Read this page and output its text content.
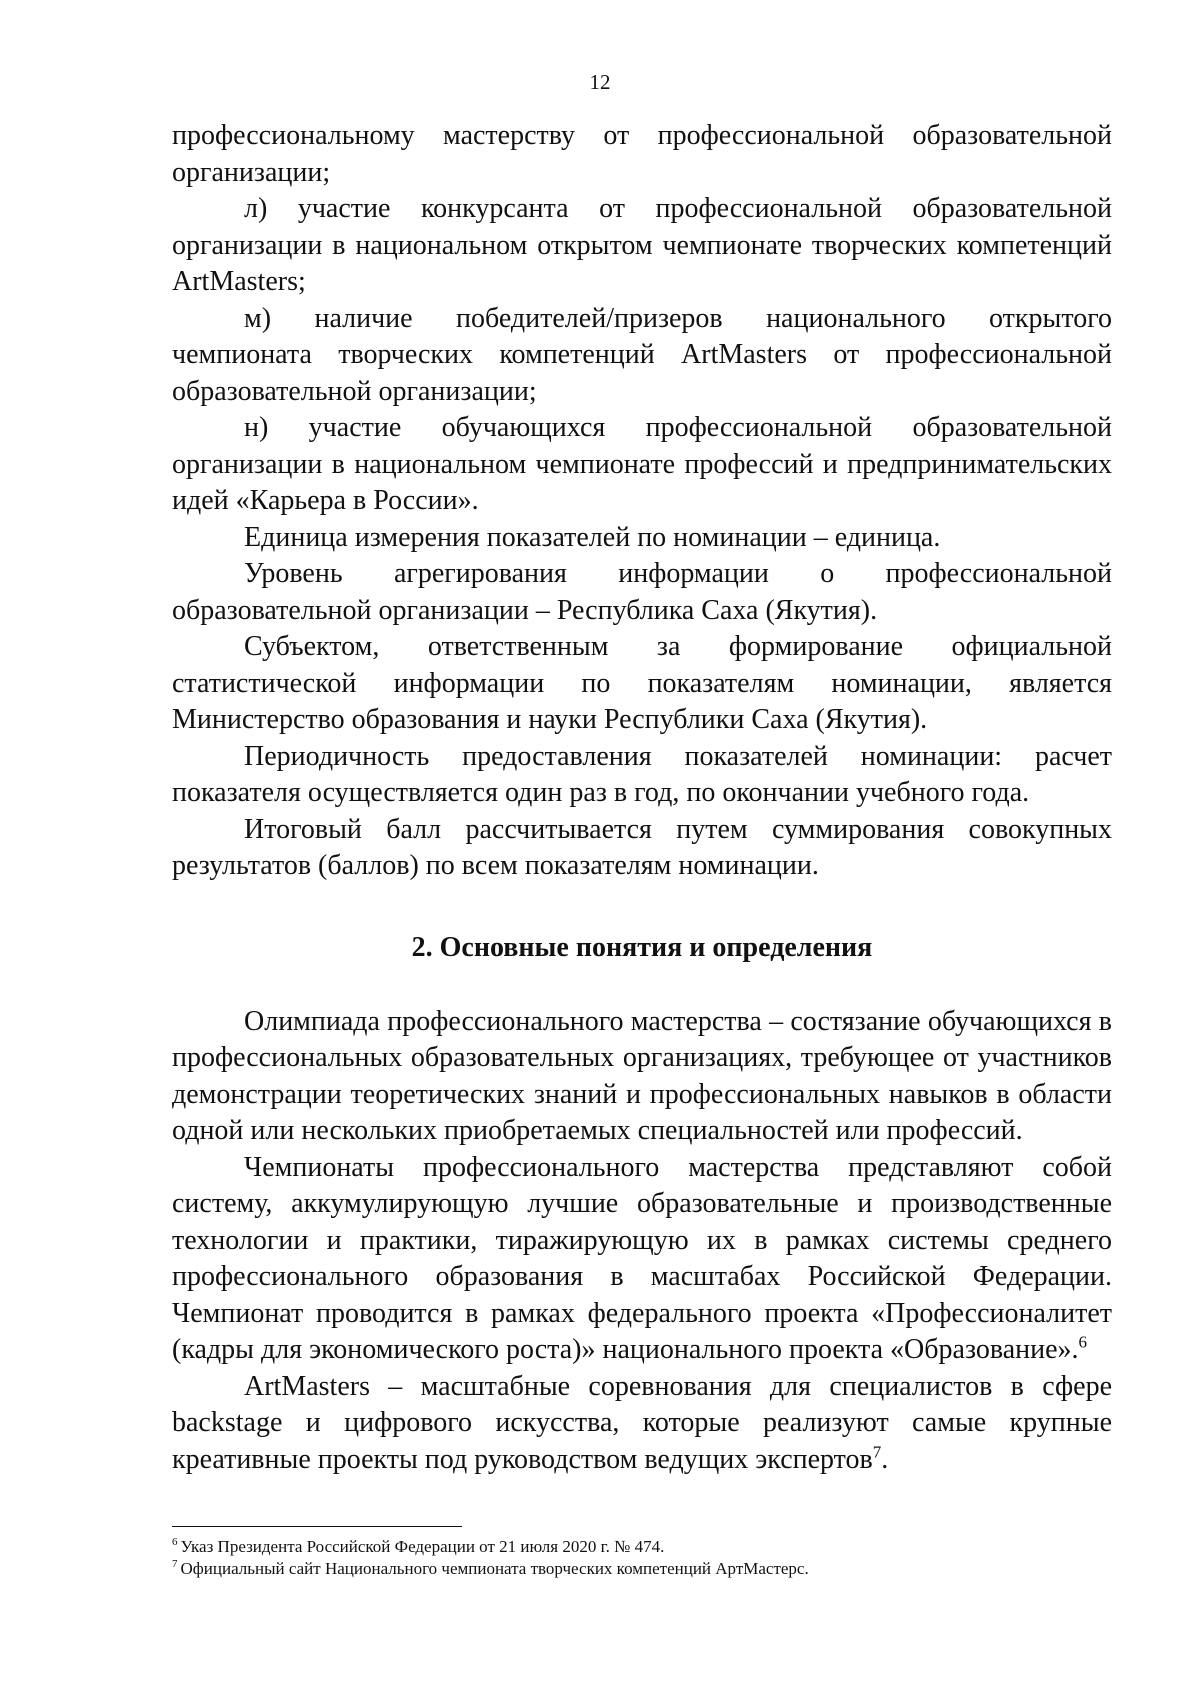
12

профессиональному мастерству от профессиональной образовательной организации;

л) участие конкурсанта от профессиональной образовательной организации в национальном открытом чемпионате творческих компетенций ArtMasters;

м) наличие победителей/призеров национального открытого чемпионата творческих компетенций ArtMasters от профессиональной образовательной организации;

н) участие обучающихся профессиональной образовательной организации в национальном чемпионате профессий и предпринимательских идей «Карьера в России».

Единица измерения показателей по номинации – единица.

Уровень агрегирования информации о профессиональной образовательной организации – Республика Саха (Якутия).

Субъектом, ответственным за формирование официальной статистической информации по показателям номинации, является Министерство образования и науки Республики Саха (Якутия).

Периодичность предоставления показателей номинации: расчет показателя осуществляется один раз в год, по окончании учебного года.

Итоговый балл рассчитывается путем суммирования совокупных результатов (баллов) по всем показателям номинации.

2. Основные понятия и определения

Олимпиада профессионального мастерства – состязание обучающихся в профессиональных образовательных организациях, требующее от участников демонстрации теоретических знаний и профессиональных навыков в области одной или нескольких приобретаемых специальностей или профессий.

Чемпионаты профессионального мастерства представляют собой систему, аккумулирующую лучшие образовательные и производственные технологии и практики, тиражирующую их в рамках системы среднего профессионального образования в масштабах Российской Федерации. Чемпионат проводится в рамках федерального проекта «Профессионалитет (кадры для экономического роста)» национального проекта «Образование».$^6$

ArtMasters – масштабные соревнования для специалистов в сфере backstage и цифрового искусства, которые реализуют самые крупные креативные проекты под руководством ведущих экспертов$^7$.

$^6$ Указ Президента Российской Федерации от 21 июля 2020 г. № 474.

$^7$ Официальный сайт Национального чемпионата творческих компетенций АртМастерс.
